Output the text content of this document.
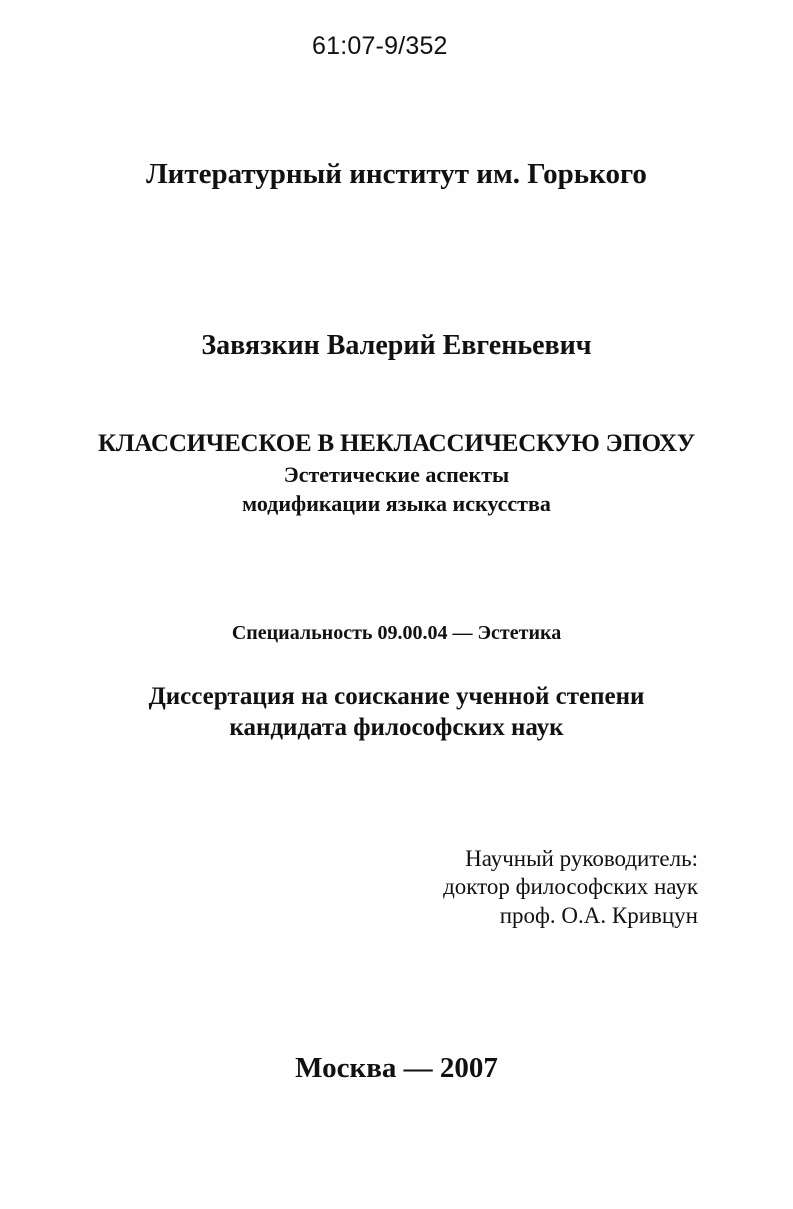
61:07-9/352
Литературный институт им. Горького
Завязкин Валерий Евгеньевич
КЛАССИЧЕСКОЕ В НЕКЛАССИЧЕСКУЮ ЭПОХУ
Эстетические аспекты
модификации языка искусства
Специальность 09.00.04 — Эстетика
Диссертация на соискание ученной степени
кандидата философских наук
Научный руководитель:
доктор философских наук
проф. О.А. Кривцун
Москва — 2007
